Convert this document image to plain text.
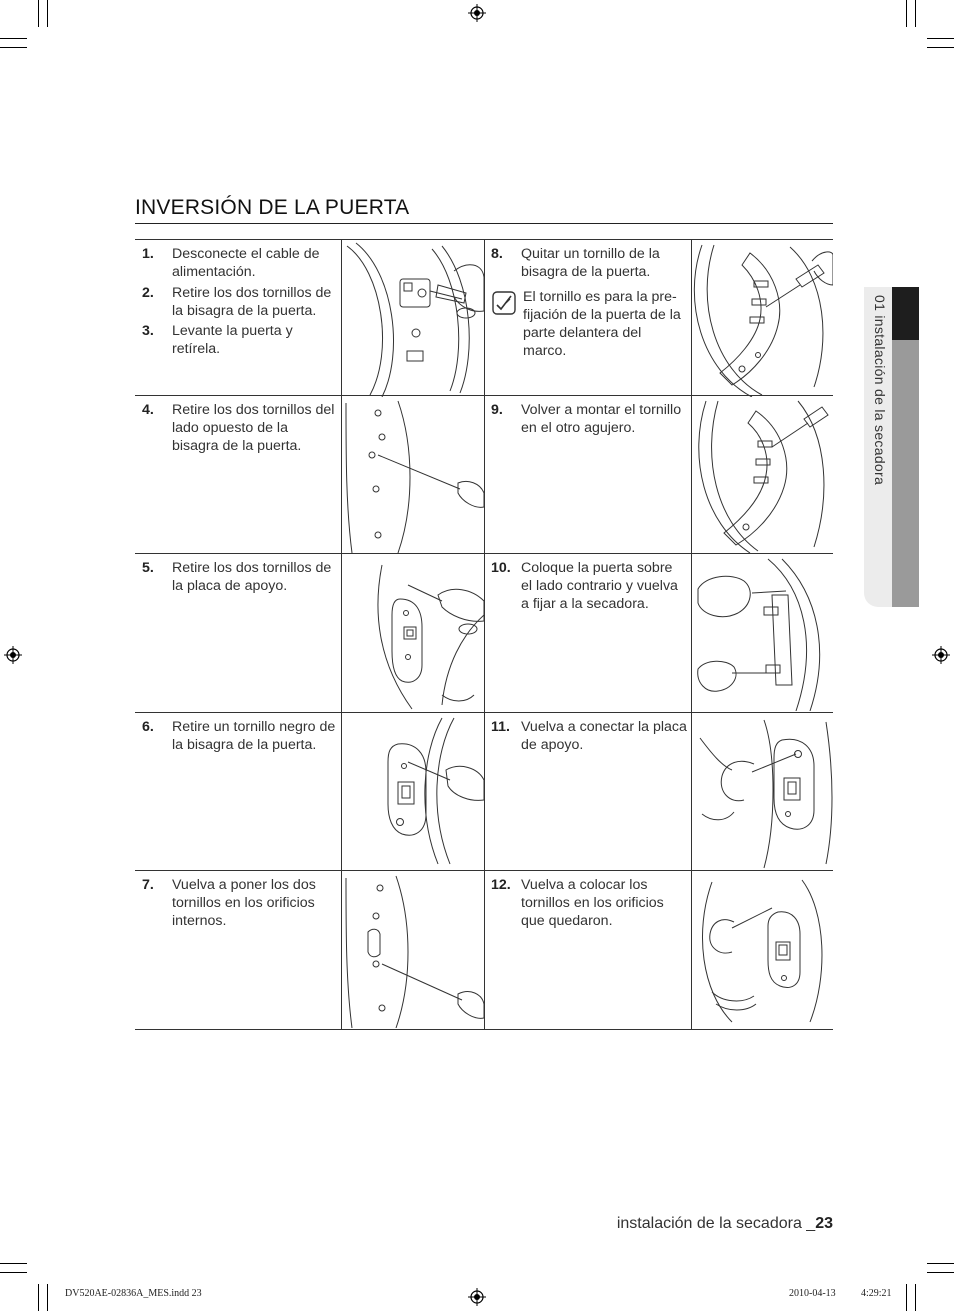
INVERSIÓN DE LA PUERTA
1. Desconecte el cable de alimentación.
2. Retire los dos tornillos de la bisagra de la puerta.
3. Levante la puerta y retírela.
8. Quitar un tornillo de la bisagra de la puerta.
El tornillo es para la pre-fijación de la puerta de la parte delantera del marco.
4. Retire los dos tornillos del lado opuesto de la bisagra de la puerta.
9. Volver a montar el tornillo en el otro agujero.
5. Retire los dos tornillos de la placa de apoyo.
10. Coloque la puerta sobre el lado contrario y vuelva a fijar a la secadora.
6. Retire un tornillo negro de la bisagra de la puerta.
11. Vuelva a conectar la placa de apoyo.
7. Vuelva a poner los dos tornillos en los orificios internos.
12. Vuelva a colocar los tornillos en los orificios que quedaron.
01 instalación de la secadora
instalación de la secadora _23
DV520AE-02836A_MES.indd 23	2010-04-13	4:29:21
